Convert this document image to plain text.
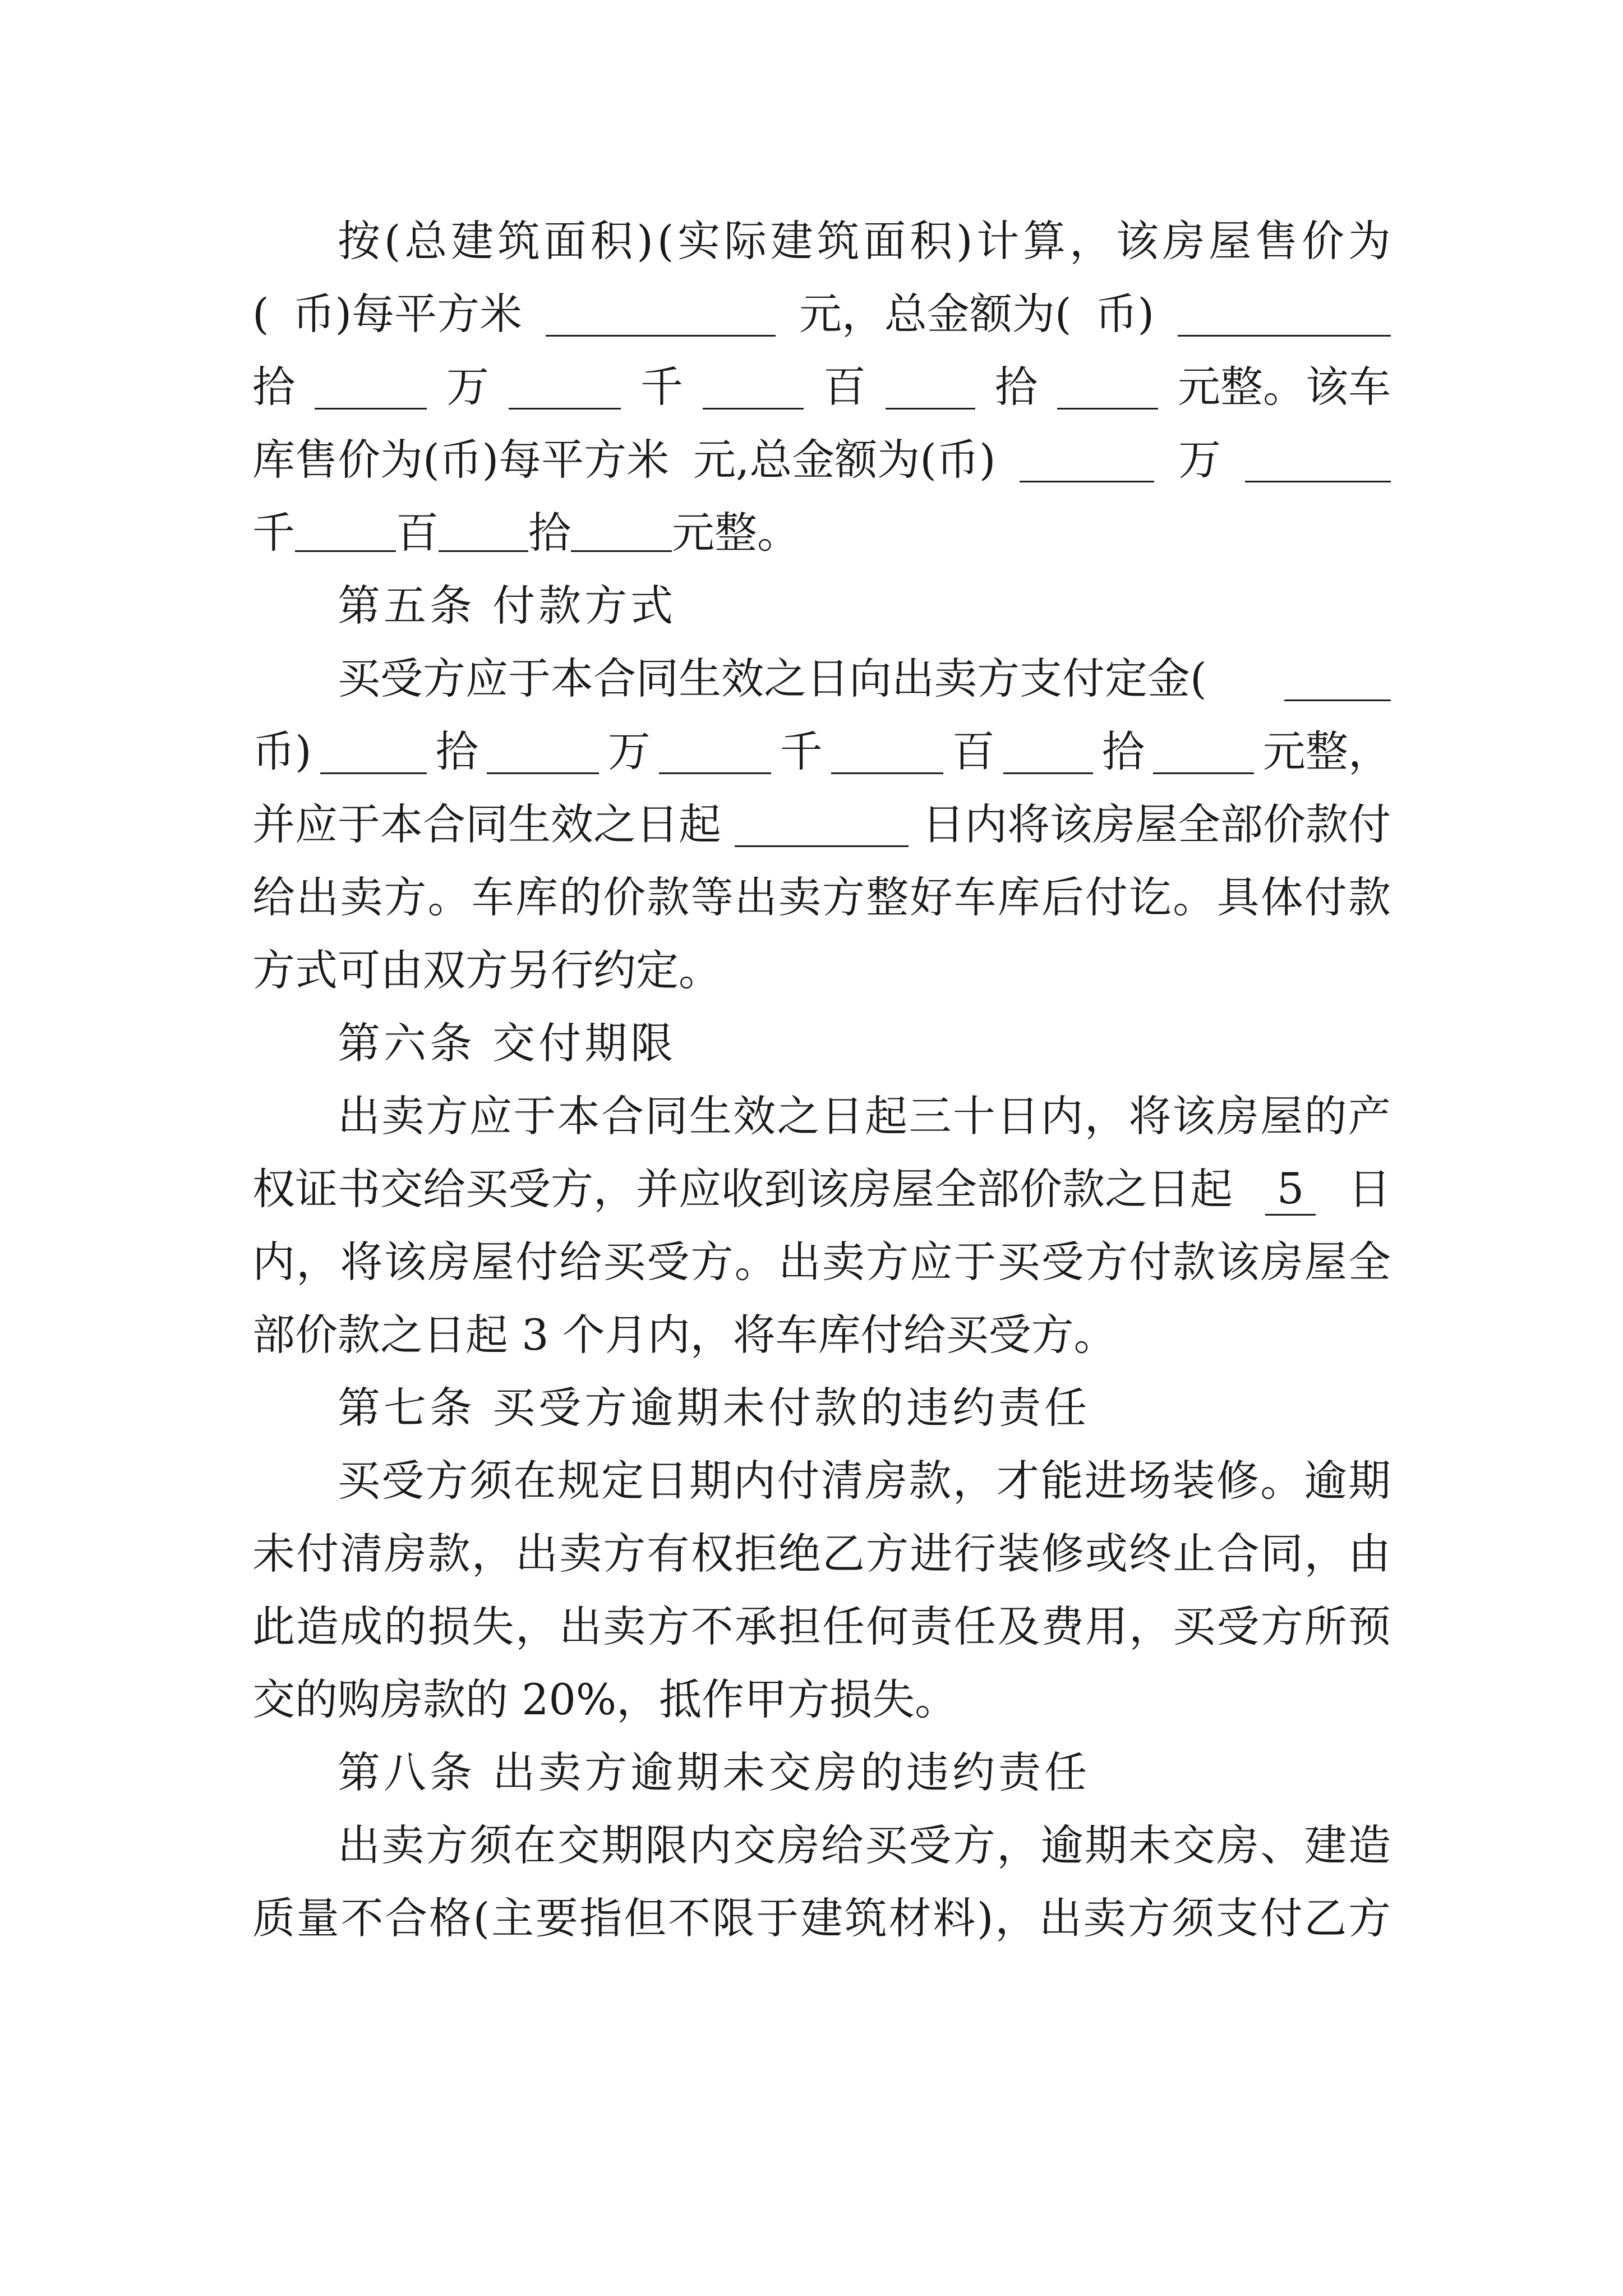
按 ( 总 建 筑 面 积 ) ( 实 际 建 筑 面 积 ) 计 算 ， 该 房 屋 售 价 为
( 币)每平方米	元，总金额为( 币)
拾	万	千	百	拾	元整。该车
库售价为(币)每平方米 元,总金额为(币)	万
千 百 拾 元整。
第五条 付款方式
买受方应于本合同生效之日向出卖方支付定金(
币)	拾	万	千	百	拾	元整，
并应于本合同生效之日起	日内将该房屋全部价款付
给 出 卖 方 。 车 库 的 价 款 等 出 卖 方 整 好 车 库 后 付 讫 。 具 体 付 款
方式可由双方另行约定。
第六条 交付期限
出 卖 方 应 于 本 合 同 生 效 之 日 起 三 十 日 内 ， 将 该 房 屋 的 产
权证书交给买受方，并应收到该房屋全部价款之日起 5 日
内 ， 将 该 房 屋 付 给 买 受 方 。 出 卖 方 应 于 买 受 方 付 款 该 房 屋 全
部价款之日起 3 个月内，将车库付给买受方。
第七条 买受方逾期未付款的违约责任
买 受 方 须 在 规 定 日 期 内 付 清 房 款 ， 才 能 进 场 装 修 。 逾 期
未 付 清 房 款 ， 出 卖 方 有 权 拒 绝 乙 方 进 行 装 修 或 终 止 合 同 ， 由
此 造 成 的 损 失 ， 出 卖 方 不 承 担 任 何 责 任 及 费 用 ， 买 受 方 所 预
交的购房款的 20%，抵作甲方损失。
第八条 出卖方逾期未交房的违约责任
出 卖 方 须 在 交 期 限 内 交 房 给 买 受 方 ， 逾 期 未 交 房 、 建 造
质 量 不 合 格 ( 主 要 指 但 不 限 于 建 筑 材 料 ) ， 出 卖 方 须 支 付 乙 方
